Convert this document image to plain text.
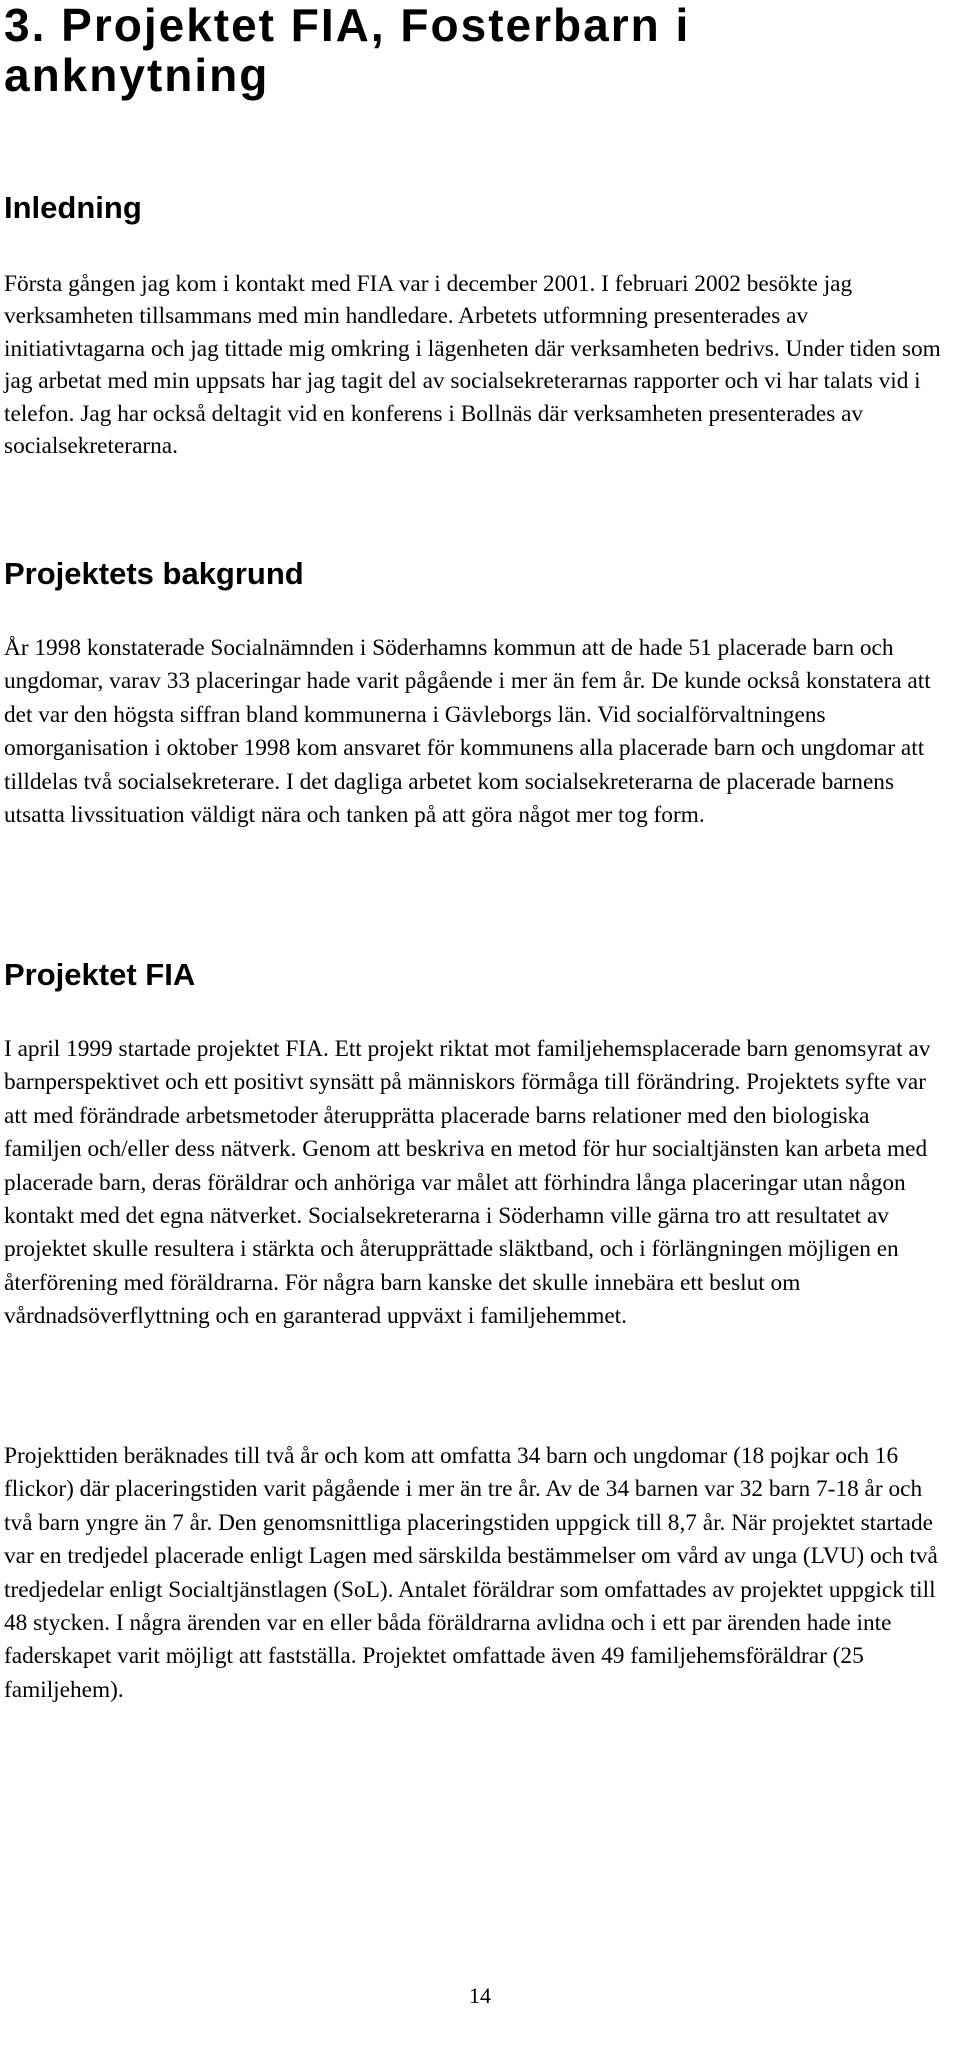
3. Projektet FIA, Fosterbarn i anknytning
Inledning

Första gången jag kom i kontakt med FIA var i december 2001. I februari 2002 besökte jag verksamheten tillsammans med min handledare. Arbetets utformning presenterades av initiativtagarna och jag tittade mig omkring i lägenheten där verksamheten bedrivs. Under tiden som jag arbetat med min uppsats har jag tagit del av socialsekreterarnas rapporter och vi har talats vid i telefon. Jag har också deltagit vid en konferens i Bollnäs där verksamheten presenterades av socialsekreterarna.

Projektets bakgrund

År 1998 konstaterade Socialnämnden i Söderhamns kommun att de hade 51 placerade barn och ungdomar, varav 33 placeringar hade varit pågående i mer än fem år. De kunde också konstatera att det var den högsta siffran bland kommunerna i Gävleborgs län. Vid socialförvaltningens omorganisation i oktober 1998 kom ansvaret för kommunens alla placerade barn och ungdomar att tilldelas två socialsekreterare. I det dagliga arbetet kom socialsekreterarna de placerade barnens utsatta livssituation väldigt nära och tanken på att göra något mer tog form.

Projektet FIA

I april 1999 startade projektet FIA. Ett projekt riktat mot familjehemsplacerade barn genomsyrat av barnperspektivet och ett positivt synsätt på människors förmåga till förändring. Projektets syfte var att med förändrade arbetsmetoder återupprätta placerade barns relationer med den biologiska familjen och/eller dess nätverk. Genom att beskriva en metod för hur socialtjänsten kan arbeta med placerade barn, deras föräldrar och anhöriga var målet att förhindra långa placeringar utan någon kontakt med det egna nätverket. Socialsekreterarna i Söderhamn ville gärna tro att resultatet av projektet skulle resultera i stärkta och återupprättade släktband, och i förlängningen möjligen en återförening med föräldrarna. För några barn kanske det skulle innebära ett beslut om vårdnadsöverflyttning och en garanterad uppväxt i familjehemmet.

Projekttiden beräknades till två år och kom att omfatta 34 barn och ungdomar (18 pojkar och 16 flickor) där placeringstiden varit pågående i mer än tre år. Av de 34 barnen var 32 barn 7-18 år och två barn yngre än 7 år. Den genomsnittliga placeringstiden uppgick till 8,7 år. När projektet startade var en tredjedel placerade enligt Lagen med särskilda bestämmelser om vård av unga (LVU) och två tredjedelar enligt Socialtjänstlagen (SoL). Antalet föräldrar som omfattades av projektet uppgick till 48 stycken. I några ärenden var en eller båda föräldrarna avlidna och i ett par ärenden hade inte faderskapet varit möjligt att fastställa. Projektet omfattade även 49 familjehemsföräldrar (25 familjehem).

14
